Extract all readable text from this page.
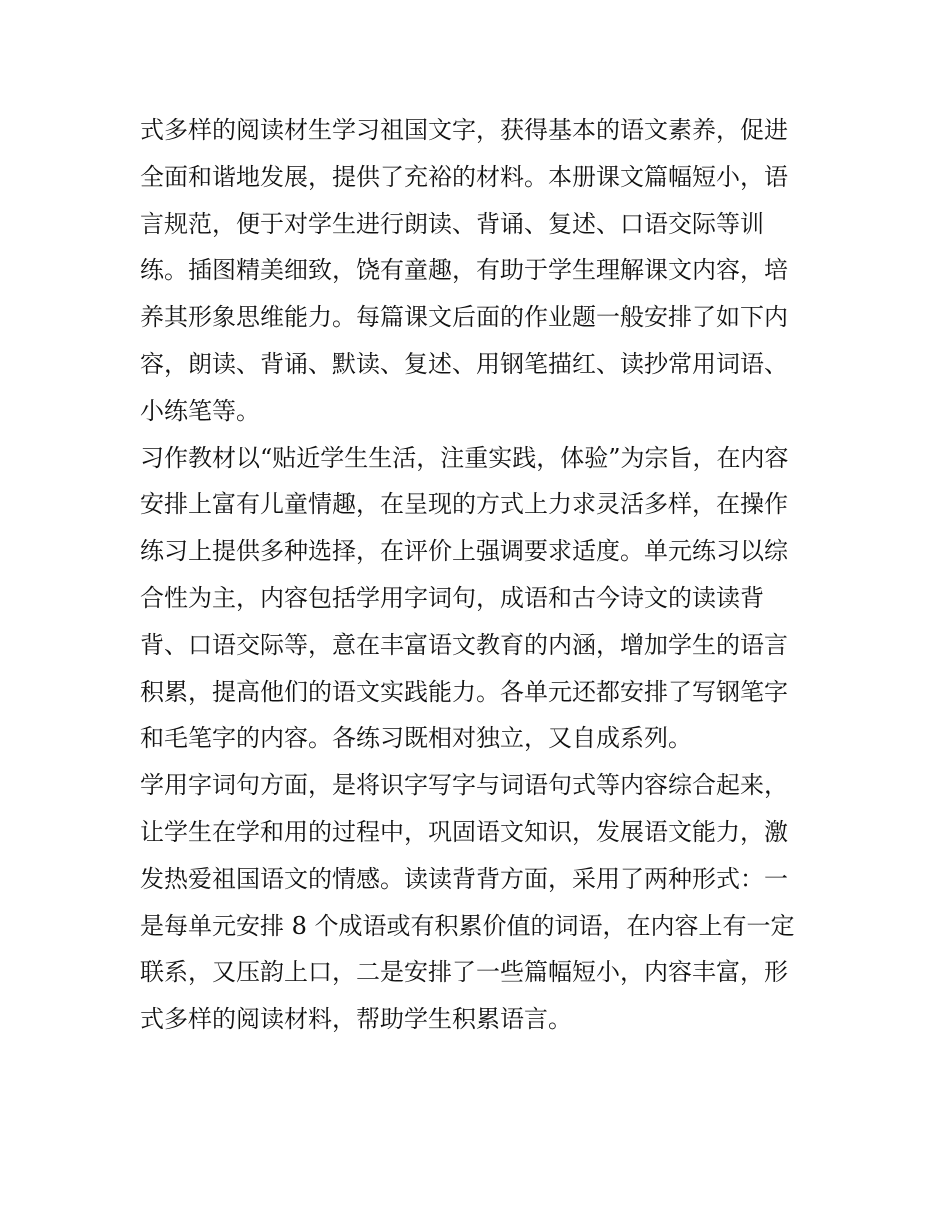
式多样的阅读材生学习祖国文字，获得基本的语文素养，促进
全面和谐地发展，提供了充裕的材料。本册课文篇幅短小，语
言规范，便于对学生进行朗读、背诵、复述、口语交际等训
练。插图精美细致，饶有童趣，有助于学生理解课文内容，培
养其形象思维能力。每篇课文后面的作业题一般安排了如下内
容，朗读、背诵、默读、复述、用钢笔描红、读抄常用词语、
小练笔等。
习作教材以“贴近学生生活，注重实践，体验”为宗旨，在内容
安排上富有儿童情趣，在呈现的方式上力求灵活多样，在操作
练习上提供多种选择，在评价上强调要求适度。单元练习以综
合性为主，内容包括学用字词句，成语和古今诗文的读读背
背、口语交际等，意在丰富语文教育的内涵，增加学生的语言
积累，提高他们的语文实践能力。各单元还都安排了写钢笔字
和毛笔字的内容。各练习既相对独立，又自成系列。
学用字词句方面，是将识字写字与词语句式等内容综合起来，
让学生在学和用的过程中，巩固语文知识，发展语文能力，激
发热爱祖国语文的情感。读读背背方面，采用了两种形式：一
是每单元安排 8 个成语或有积累价值的词语，在内容上有一定
联系，又压韵上口，二是安排了一些篇幅短小，内容丰富，形
式多样的阅读材料，帮助学生积累语言。
